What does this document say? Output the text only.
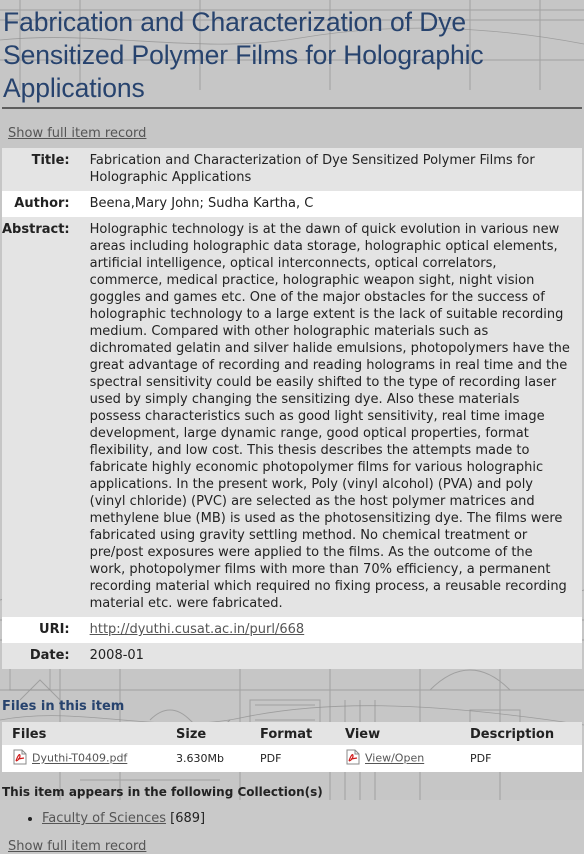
Fabrication and Characterization of Dye Sensitized Polymer Films for Holographic Applications
Show full item record
Title:	Fabrication and Characterization of Dye Sensitized Polymer Films for Holographic Applications
Author:	Beena,Mary John; Sudha Kartha, C
Abstract:	Holographic technology is at the dawn of quick evolution in various new areas including holographic data storage, holographic optical elements, artificial intelligence, optical interconnects, optical correlators, commerce, medical practice, holographic weapon sight, night vision goggles and games etc. One of the major obstacles for the success of holographic technology to a large extent is the lack of suitable recording medium. Compared with other holographic materials such as dichromated gelatin and silver halide emulsions, photopolymers have the great advantage of recording and reading holograms in real time and the spectral sensitivity could be easily shifted to the type of recording laser used by simply changing the sensitizing dye. Also these materials possess characteristics such as good light sensitivity, real time image development, large dynamic range, good optical properties, format flexibility, and low cost. This thesis describes the attempts made to fabricate highly economic photopolymer films for various holographic applications. In the present work, Poly (vinyl alcohol) (PVA) and poly (vinyl chloride) (PVC) are selected as the host polymer matrices and methylene blue (MB) is used as the photosensitizing dye. The films were fabricated using gravity settling method. No chemical treatment or pre/post exposures were applied to the films. As the outcome of the work, photopolymer films with more than 70% efficiency, a permanent recording material which required no fixing process, a reusable recording material etc. were fabricated.
URI:	http://dyuthi.cusat.ac.in/purl/668
Date:	2008-01
Files in this item
Files	Size	Format	View	Description
Dyuthi-T0409.pdf	3.630Mb	PDF	View/Open	PDF
This item appears in the following Collection(s)
• Faculty of Sciences [689]
Show full item record
